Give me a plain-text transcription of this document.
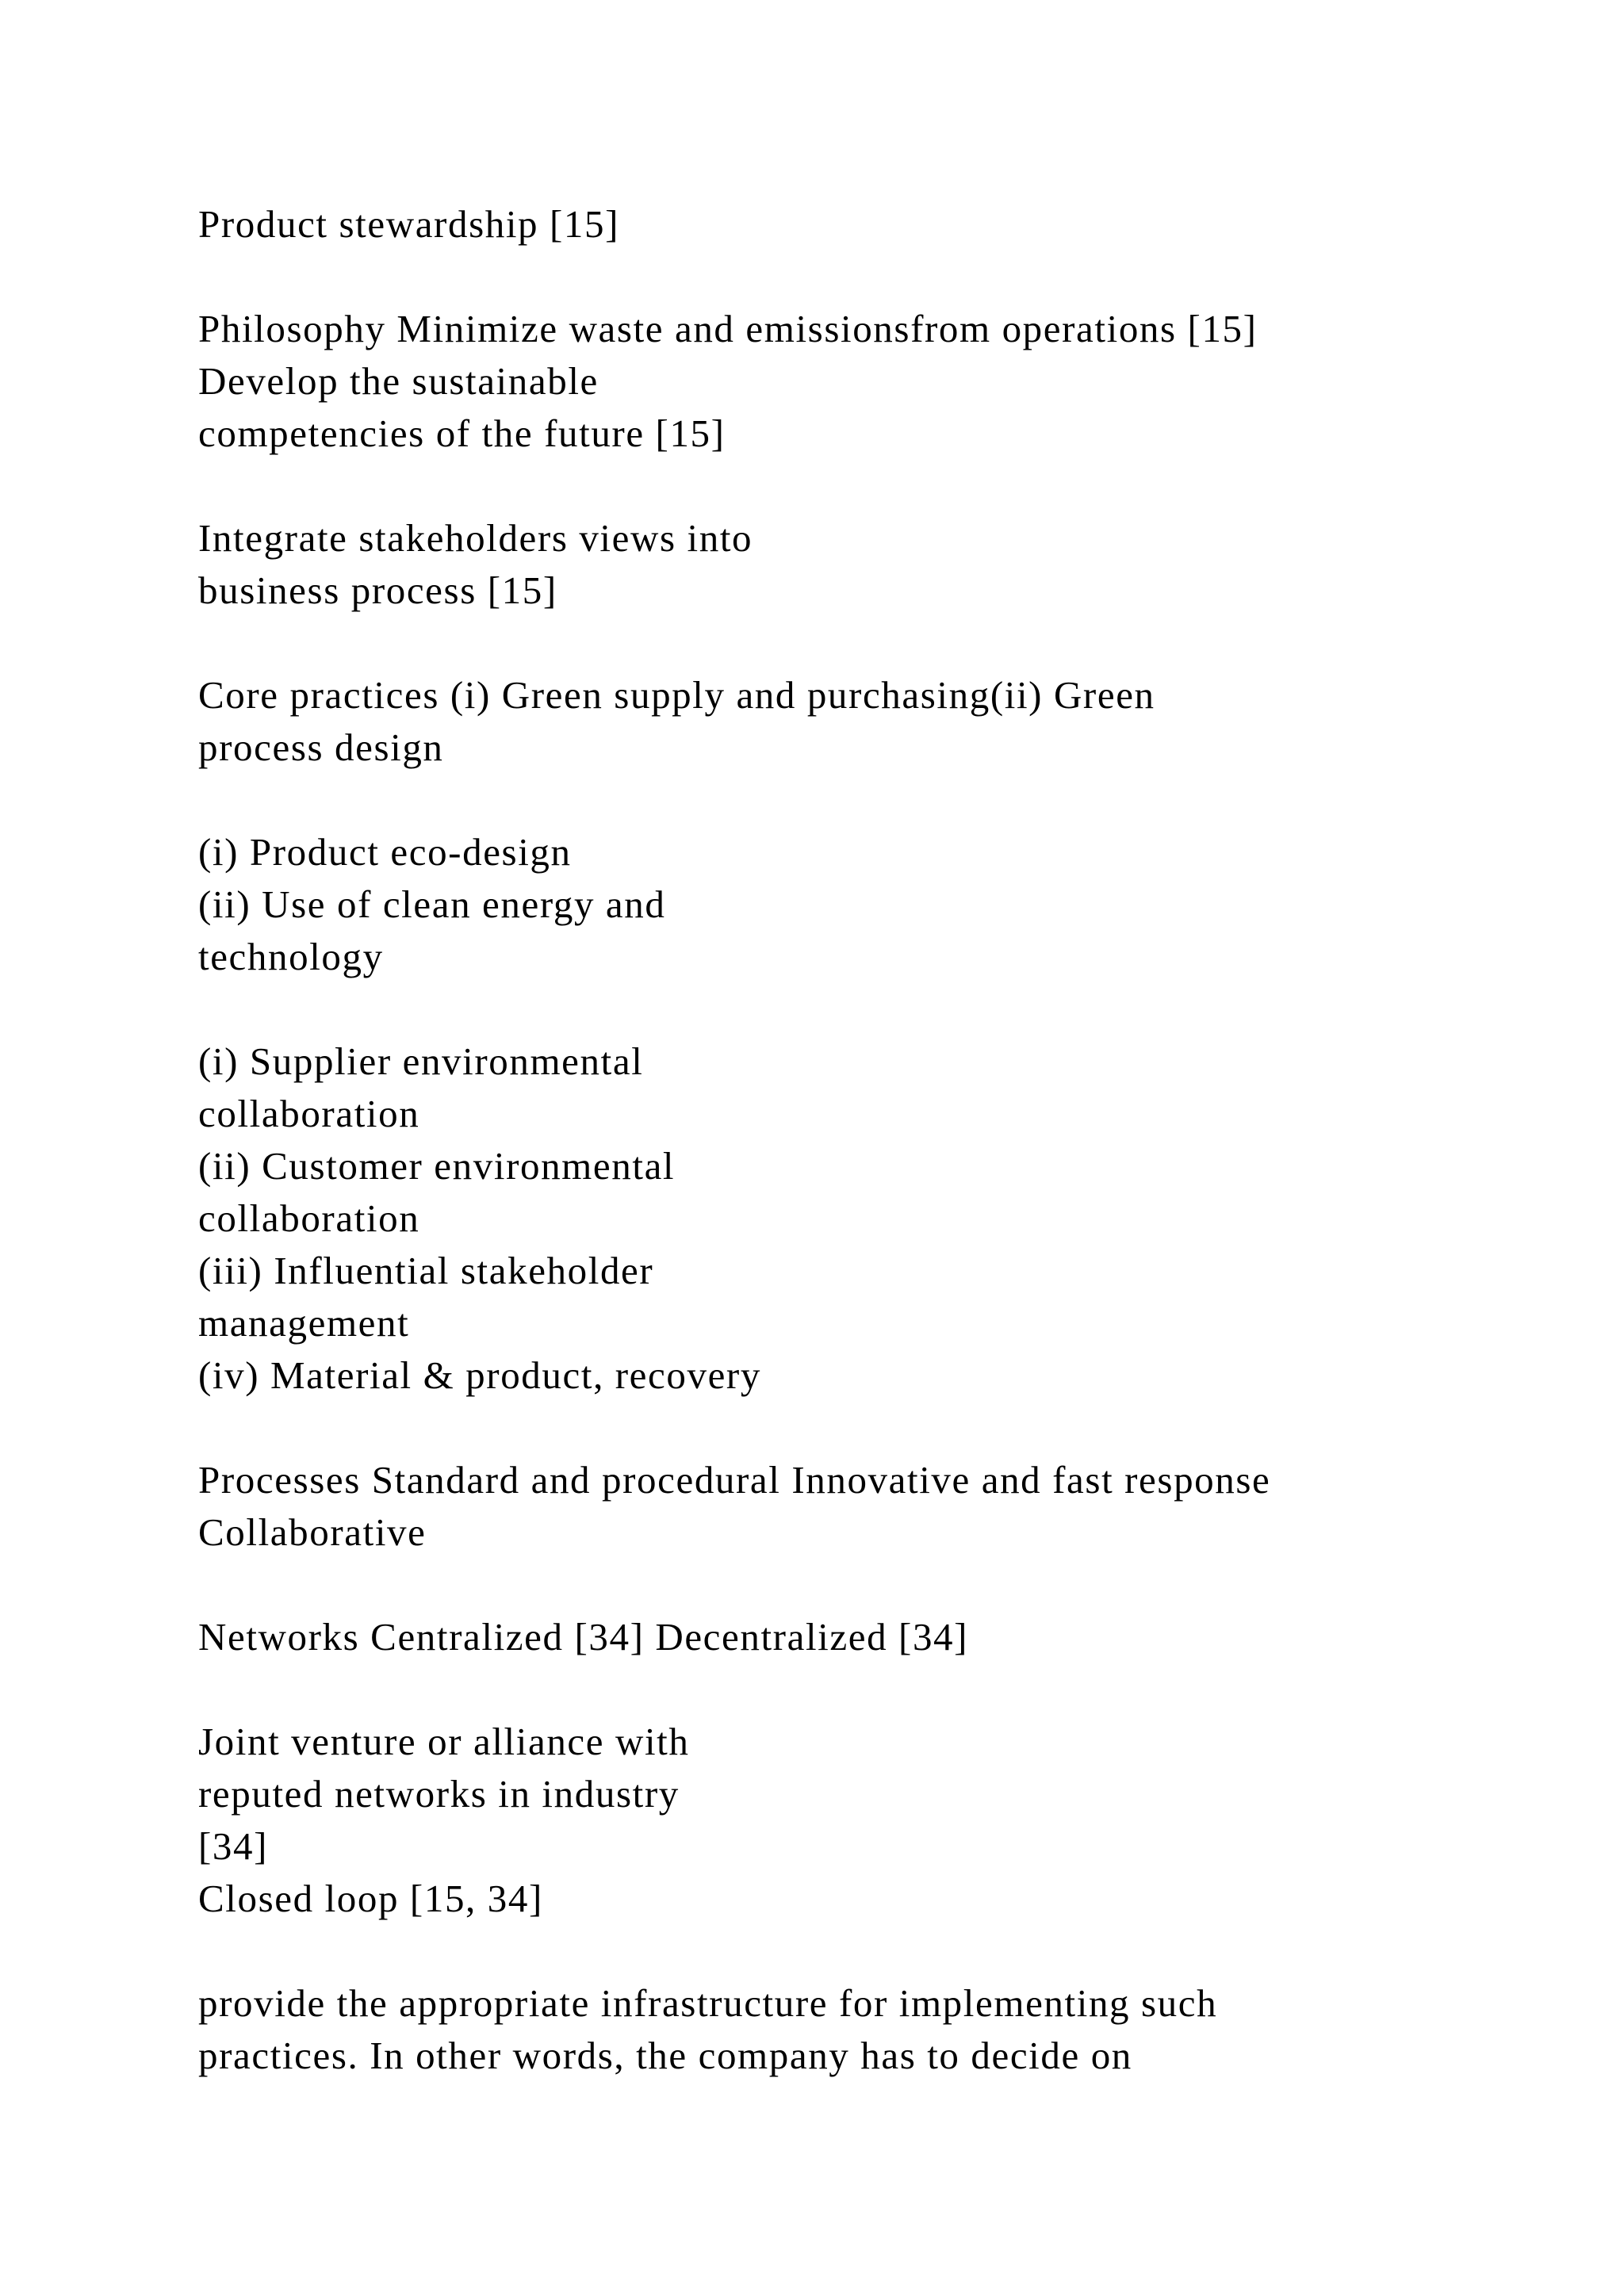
Product stewardship [15]

Philosophy Minimize waste and emissionsfrom operations [15]

Develop the sustainable

competencies of the future [15]

Integrate stakeholders views into

business process [15]

Core practices (i) Green supply and purchasing(ii) Green

process design

(i) Product eco-design

(ii) Use of clean energy and

technology

(i) Supplier environmental

collaboration

(ii) Customer environmental

collaboration

(iii) Influential stakeholder

management

(iv) Material & product, recovery

Processes Standard and procedural Innovative and fast response

Collaborative

Networks Centralized [34] Decentralized [34]

Joint venture or alliance with

reputed networks in industry

[34]

Closed loop [15, 34]

provide the appropriate infrastructure for implementing such

practices. In other words, the company has to decide on
